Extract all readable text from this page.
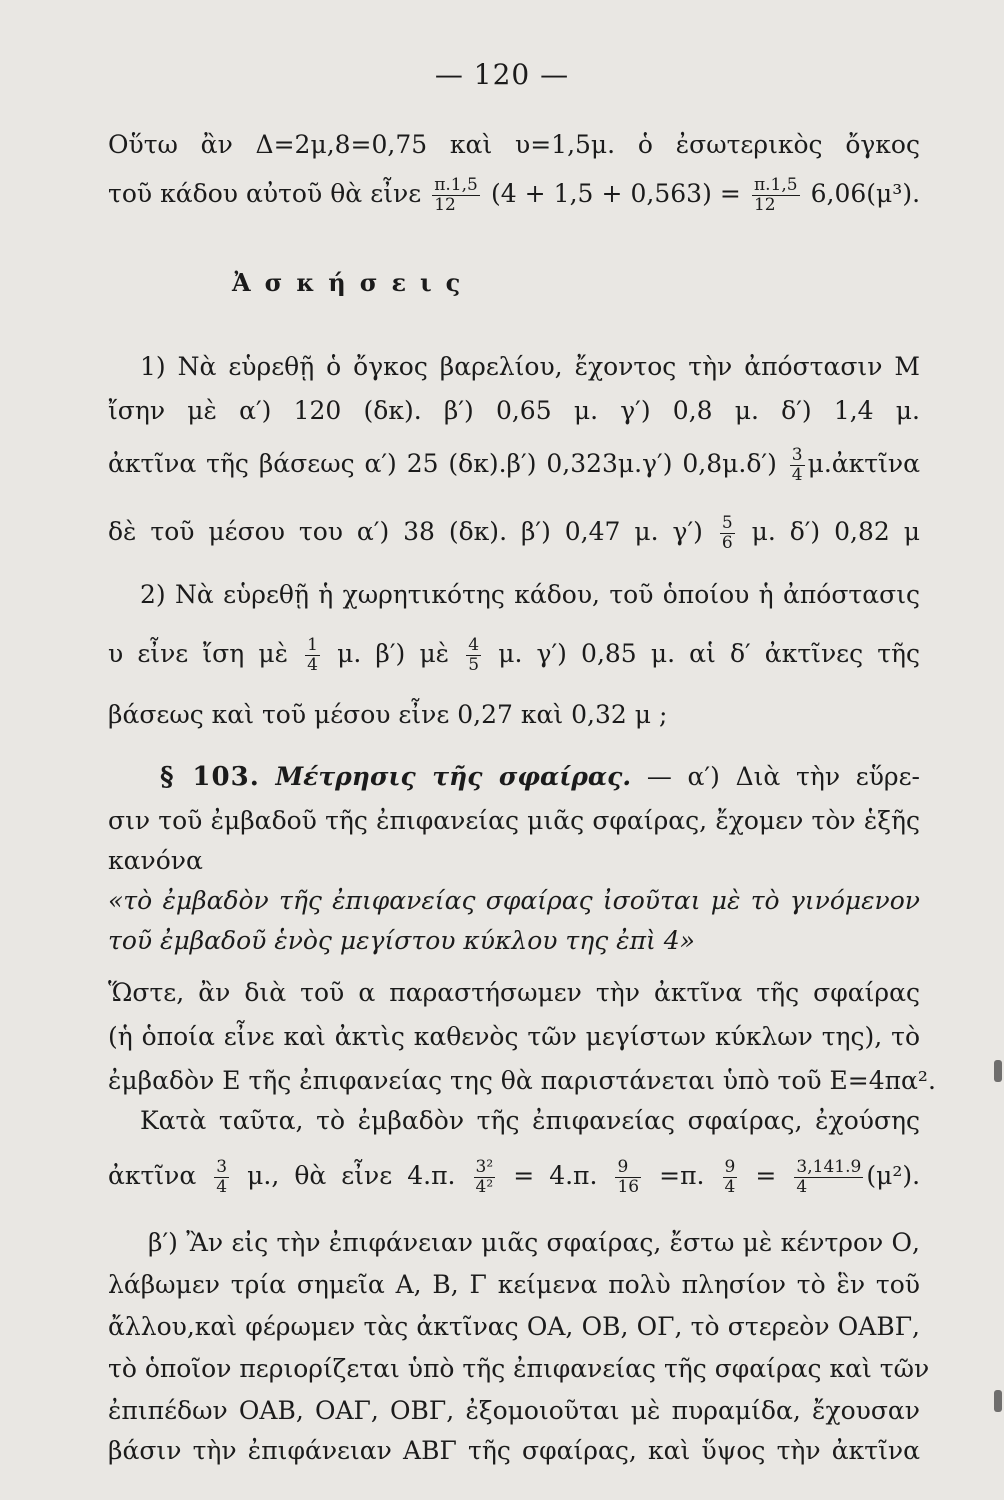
— 120 —
Οὕτω ἂν Δ=2μ,8=0,75 καὶ υ=1,5μ. ὁ ἐσωτερικὸς ὄγκος
τοῦ κάδου αὐτοῦ θὰ εἶνε $\frac{\pi.1,5}{12} (4 + 1,5 + 0,563) = \frac{\pi.1,5}{12} 6,06(\mu^3)$.
Ἀσκήσεις
1) Νὰ εὑρεθῇ ὁ ὄγκος βαρελίου, ἔχοντος τὴν ἀπόστασιν Μ
ἴσην μὲ α′) 120 (δκ). β′) 0,65 μ. γ′) 0,8 μ. δ′) 1,4 μ.
ἀκτῖνα τῆς βάσεως α′) 25 (δκ).β′) 0,323μ.γ′) $0,8\mu.\delta') \frac{3}{4}$ μ.ἀκτῖνα
δὲ τοῦ μέσου του α′) 38 (δκ). β′) 0,47 μ. $\gamma') \frac{5}{6} \mu$. δ′) 0,82 μ
2) Νὰ εὑρεθῇ ἡ χωρητικότης κάδου, τοῦ ὁποίου ἡ ἀπόστασις
υ εἶνε ἴση μὲ $\frac{1}{4} \mu$. β′) μὲ $\frac{4}{5} \mu$. γ′) 0,85 μ. αἱ δ′ ἀκτῖνες τῆς
βάσεως καὶ τοῦ μέσου εἶνε 0,27 καὶ 0,32 μ ;
§ 103. Μέτρησις τῆς σφαίρας. — α′) Διὰ τὴν εὕρε-
σιν τοῦ ἐμβαδοῦ τῆς ἐπιφανείας μιᾶς σφαίρας, ἔχομεν τὸν ἑξῆς
κανόνα
«τὸ ἐμβαδὸν τῆς ἐπιφανείας σφαίρας ἰσοῦται μὲ τὸ γινόμενον
τοῦ ἐμβαδοῦ ἑνὸς μεγίστου κύκλου της ἐπὶ 4»
Ὥστε, ἂν διὰ τοῦ α παραστήσωμεν τὴν ἀκτῖνα τῆς σφαίρας
(ἡ ὁποία εἶνε καὶ ἀκτὶς καθενὸς τῶν μεγίστων κύκλων της), τὸ
ἐμβαδὸν Ε τῆς ἐπιφανείας της θὰ παριστάνεται ὑπὸ τοῦ Ε=4πα².
Κατὰ ταῦτα, τὸ ἐμβαδὸν τῆς ἐπιφανείας σφαίρας, ἐχούσης
ἀκτῖνα $\frac{3}{4} \mu$., θὰ εἶνε 4.π. $\frac{\text{3²}}{\text{4²}} = 4.\pi$. $\frac{9}{16} =\pi$. $\frac{9}{4} = \frac{3,141.9}{4} (\mu^2)$.
β′) Ἂν εἰς τὴν ἐπιφάνειαν μιᾶς σφαίρας, ἔστω μὲ κέντρον Ο,
λάβωμεν τρία σημεῖα Α, Β, Γ κείμενα πολὺ πλησίον τὸ ἓν τοῦ
ἄλλου,καὶ φέρωμεν τὰς ἀκτῖνας ΟΑ, ΟΒ, ΟΓ, τὸ στερεὸν ΟΑΒΓ,
τὸ ὁποῖον περιορίζεται ὑπὸ τῆς ἐπιφανείας τῆς σφαίρας καὶ τῶν
ἐπιπέδων ΟΑΒ, ΟΑΓ, ΟΒΓ, ἐξομοιοῦται μὲ πυραμίδα, ἔχουσαν
βάσιν τὴν ἐπιφάνειαν ΑΒΓ τῆς σφαίρας, καὶ ὕψος τὴν ἀκτῖνα
